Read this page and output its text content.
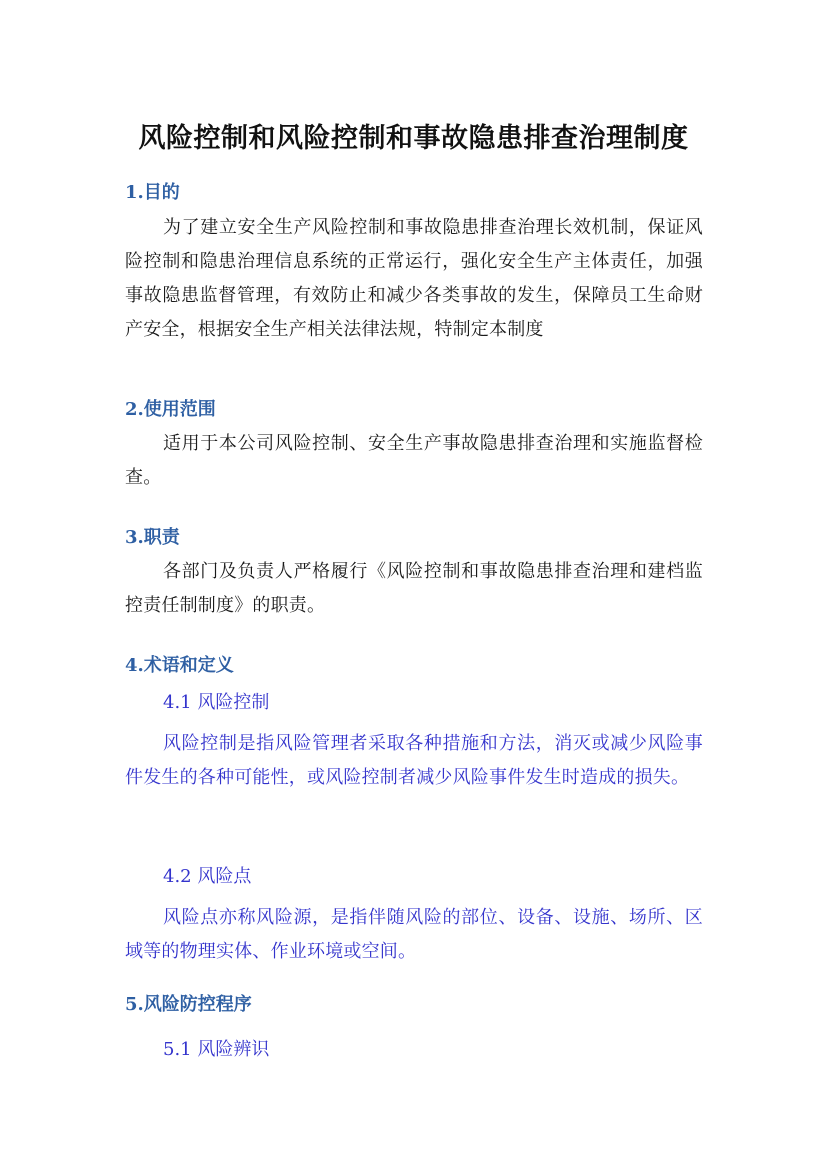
风险控制和风险控制和事故隐患排查治理制度
1.目的

为了建立安全生产风险控制和事故隐患排查治理长效机制，保证风险控制和隐患治理信息系统的正常运行，强化安全生产主体责任，加强事故隐患监督管理，有效防止和减少各类事故的发生，保障员工生命财产安全，根据安全生产相关法律法规，特制定本制度

2.使用范围

适用于本公司风险控制、安全生产事故隐患排查治理和实施监督检查。

3.职责

各部门及负责人严格履行《风险控制和事故隐患排查治理和建档监控责任制制度》的职责。

4.术语和定义

4.1 风险控制

风险控制是指风险管理者采取各种措施和方法，消灭或减少风险事件发生的各种可能性，或风险控制者减少风险事件发生时造成的损失。

4.2 风险点

风险点亦称风险源，是指伴随风险的部位、设备、设施、场所、区域等的物理实体、作业环境或空间。

5.风险防控程序

5.1 风险辨识
